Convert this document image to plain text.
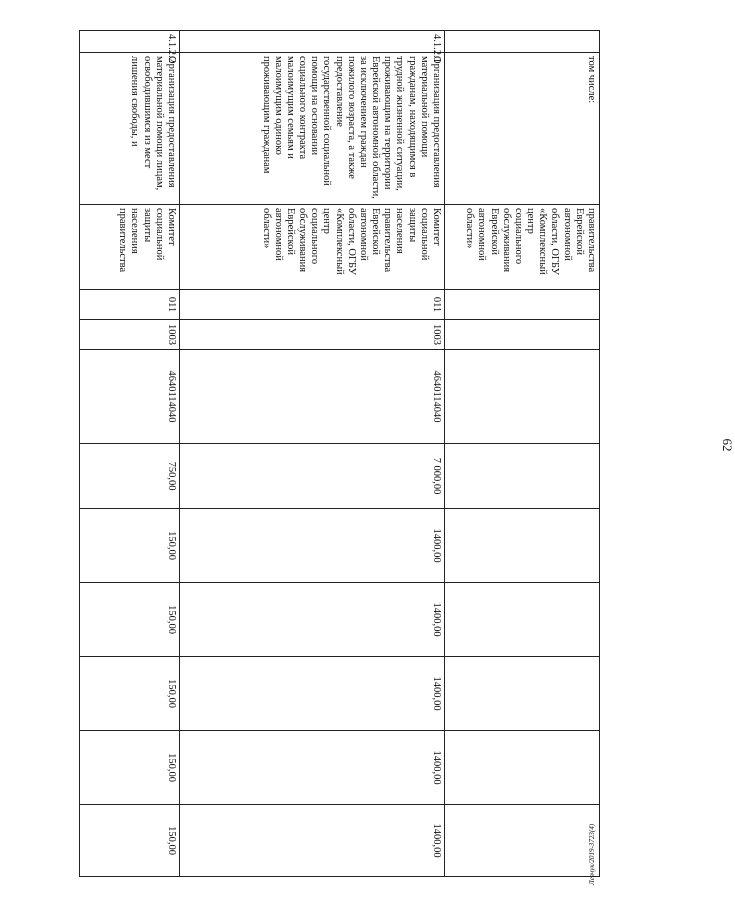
62
Левчук/2019-3723(4)
	том числе:	правительства Еврейской автономной области, ОГБУ «Комплексный центр социального обслуживания Еврейской автономной области»									
4.1.2.1	Организация предоставления материальной помощи гражданам, находящимся в трудной жизненной ситуации, проживающим на территории Еврейской автономной области, за исключением граждан пожилого возраста, а также предоставление государственной социальной помощи на основании социального контракта малоимущим семьям и малоимущим одиноко проживающим гражданам	Комитет социальной защиты населения правительства Еврейской автономной области, ОГБУ «Комплексный центр социального обслуживания Еврейской автономной области»	011	1003	4640114040	7 000,00	1400,00	1400,00	1400,00	1400,00	1400,00
4.1.2.2	Организация предоставления материальной помощи лицам, освободившимся из мест лишения свободы, и	Комитет социальной защиты населения правительства	011	1003	4640114040	750,00	150,00	150,00	150,00	150,00	150,00
